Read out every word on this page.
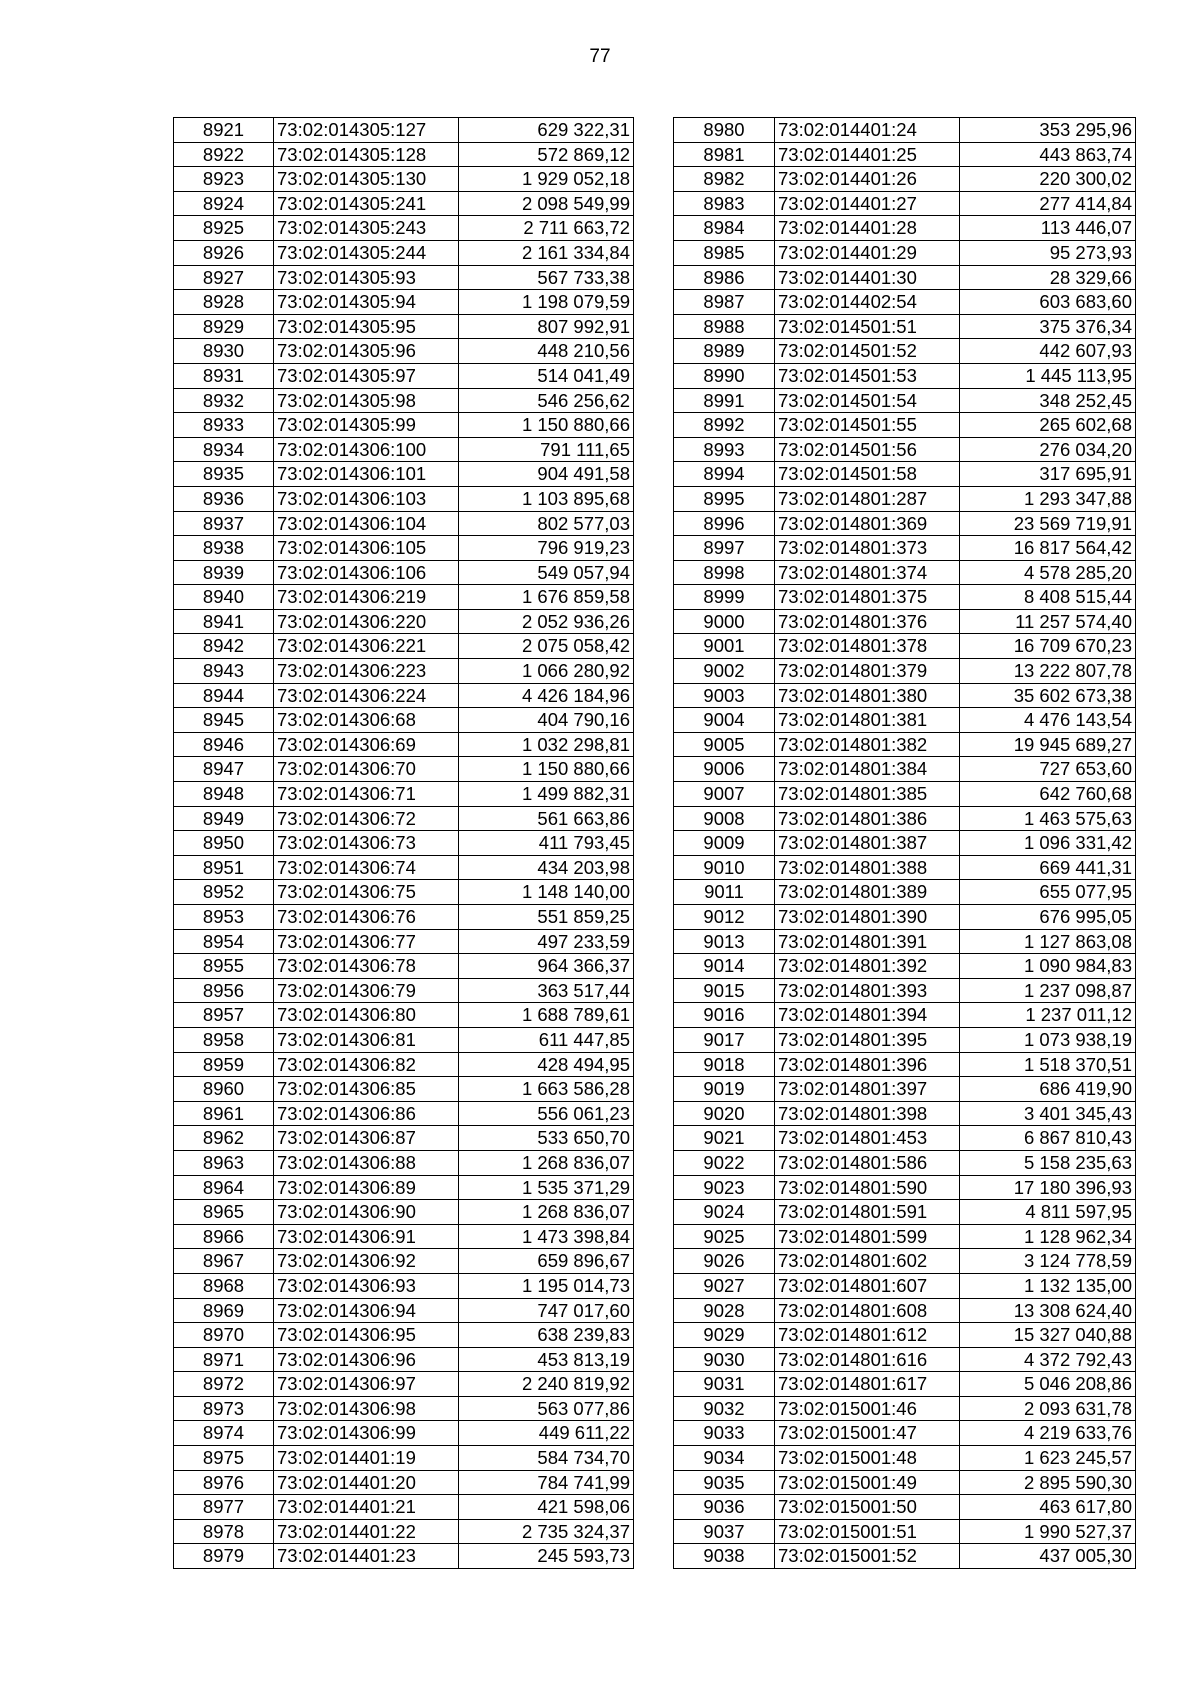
77
8921	73:02:014305:127	629 322,31
8922	73:02:014305:128	572 869,12
8923	73:02:014305:130	1 929 052,18
8924	73:02:014305:241	2 098 549,99
8925	73:02:014305:243	2 711 663,72
8926	73:02:014305:244	2 161 334,84
8927	73:02:014305:93	567 733,38
8928	73:02:014305:94	1 198 079,59
8929	73:02:014305:95	807 992,91
8930	73:02:014305:96	448 210,56
8931	73:02:014305:97	514 041,49
8932	73:02:014305:98	546 256,62
8933	73:02:014305:99	1 150 880,66
8934	73:02:014306:100	791 111,65
8935	73:02:014306:101	904 491,58
8936	73:02:014306:103	1 103 895,68
8937	73:02:014306:104	802 577,03
8938	73:02:014306:105	796 919,23
8939	73:02:014306:106	549 057,94
8940	73:02:014306:219	1 676 859,58
8941	73:02:014306:220	2 052 936,26
8942	73:02:014306:221	2 075 058,42
8943	73:02:014306:223	1 066 280,92
8944	73:02:014306:224	4 426 184,96
8945	73:02:014306:68	404 790,16
8946	73:02:014306:69	1 032 298,81
8947	73:02:014306:70	1 150 880,66
8948	73:02:014306:71	1 499 882,31
8949	73:02:014306:72	561 663,86
8950	73:02:014306:73	411 793,45
8951	73:02:014306:74	434 203,98
8952	73:02:014306:75	1 148 140,00
8953	73:02:014306:76	551 859,25
8954	73:02:014306:77	497 233,59
8955	73:02:014306:78	964 366,37
8956	73:02:014306:79	363 517,44
8957	73:02:014306:80	1 688 789,61
8958	73:02:014306:81	611 447,85
8959	73:02:014306:82	428 494,95
8960	73:02:014306:85	1 663 586,28
8961	73:02:014306:86	556 061,23
8962	73:02:014306:87	533 650,70
8963	73:02:014306:88	1 268 836,07
8964	73:02:014306:89	1 535 371,29
8965	73:02:014306:90	1 268 836,07
8966	73:02:014306:91	1 473 398,84
8967	73:02:014306:92	659 896,67
8968	73:02:014306:93	1 195 014,73
8969	73:02:014306:94	747 017,60
8970	73:02:014306:95	638 239,83
8971	73:02:014306:96	453 813,19
8972	73:02:014306:97	2 240 819,92
8973	73:02:014306:98	563 077,86
8974	73:02:014306:99	449 611,22
8975	73:02:014401:19	584 734,70
8976	73:02:014401:20	784 741,99
8977	73:02:014401:21	421 598,06
8978	73:02:014401:22	2 735 324,37
8979	73:02:014401:23	245 593,73
8980	73:02:014401:24	353 295,96
8981	73:02:014401:25	443 863,74
8982	73:02:014401:26	220 300,02
8983	73:02:014401:27	277 414,84
8984	73:02:014401:28	113 446,07
8985	73:02:014401:29	95 273,93
8986	73:02:014401:30	28 329,66
8987	73:02:014402:54	603 683,60
8988	73:02:014501:51	375 376,34
8989	73:02:014501:52	442 607,93
8990	73:02:014501:53	1 445 113,95
8991	73:02:014501:54	348 252,45
8992	73:02:014501:55	265 602,68
8993	73:02:014501:56	276 034,20
8994	73:02:014501:58	317 695,91
8995	73:02:014801:287	1 293 347,88
8996	73:02:014801:369	23 569 719,91
8997	73:02:014801:373	16 817 564,42
8998	73:02:014801:374	4 578 285,20
8999	73:02:014801:375	8 408 515,44
9000	73:02:014801:376	11 257 574,40
9001	73:02:014801:378	16 709 670,23
9002	73:02:014801:379	13 222 807,78
9003	73:02:014801:380	35 602 673,38
9004	73:02:014801:381	4 476 143,54
9005	73:02:014801:382	19 945 689,27
9006	73:02:014801:384	727 653,60
9007	73:02:014801:385	642 760,68
9008	73:02:014801:386	1 463 575,63
9009	73:02:014801:387	1 096 331,42
9010	73:02:014801:388	669 441,31
9011	73:02:014801:389	655 077,95
9012	73:02:014801:390	676 995,05
9013	73:02:014801:391	1 127 863,08
9014	73:02:014801:392	1 090 984,83
9015	73:02:014801:393	1 237 098,87
9016	73:02:014801:394	1 237 011,12
9017	73:02:014801:395	1 073 938,19
9018	73:02:014801:396	1 518 370,51
9019	73:02:014801:397	686 419,90
9020	73:02:014801:398	3 401 345,43
9021	73:02:014801:453	6 867 810,43
9022	73:02:014801:586	5 158 235,63
9023	73:02:014801:590	17 180 396,93
9024	73:02:014801:591	4 811 597,95
9025	73:02:014801:599	1 128 962,34
9026	73:02:014801:602	3 124 778,59
9027	73:02:014801:607	1 132 135,00
9028	73:02:014801:608	13 308 624,40
9029	73:02:014801:612	15 327 040,88
9030	73:02:014801:616	4 372 792,43
9031	73:02:014801:617	5 046 208,86
9032	73:02:015001:46	2 093 631,78
9033	73:02:015001:47	4 219 633,76
9034	73:02:015001:48	1 623 245,57
9035	73:02:015001:49	2 895 590,30
9036	73:02:015001:50	463 617,80
9037	73:02:015001:51	1 990 527,37
9038	73:02:015001:52	437 005,30
